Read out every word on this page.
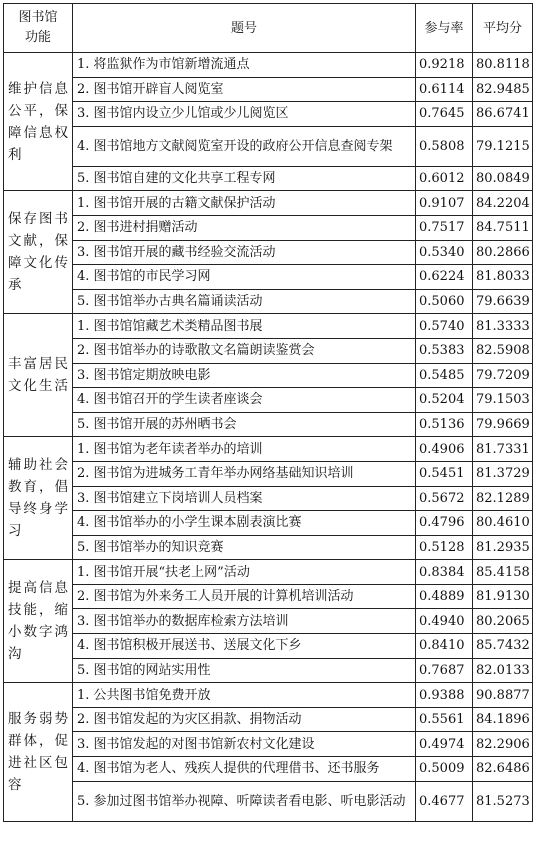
图书馆
功能	题号	参与率	平均分
维护信息公平，保障信息权利	1. 将监狱作为市馆新增流通点	0.9218	80.8118
	2. 图书馆开辟盲人阅览室	0.6114	82.9485
	3. 图书馆内设立少儿馆或少儿阅览区	0.7645	86.6741
	4. 图书馆地方文献阅览室开设的政府公开信息查阅专架	0.5808	79.1215
	5. 图书馆自建的文化共享工程专网	0.6012	80.0849
保存图书文献，保障文化传承	1. 图书馆开展的古籍文献保护活动	0.9107	84.2204
	2. 图书进村捐赠活动	0.7517	84.7511
	3. 图书馆开展的藏书经验交流活动	0.5340	80.2866
	4. 图书馆的市民学习网	0.6224	81.8033
	5. 图书馆举办古典名篇诵读活动	0.5060	79.6639
丰富居民文化生活	1. 图书馆馆藏艺术类精品图书展	0.5740	81.3333
	2. 图书馆举办的诗歌散文名篇朗读鉴赏会	0.5383	82.5908
	3. 图书馆定期放映电影	0.5485	79.7209
	4. 图书馆召开的学生读者座谈会	0.5204	79.1503
	5. 图书馆开展的苏州晒书会	0.5136	79.9669
辅助社会教育，倡导终身学习	1. 图书馆为老年读者举办的培训	0.4906	81.7331
	2. 图书馆为进城务工青年举办网络基础知识培训	0.5451	81.3729
	3. 图书馆建立下岗培训人员档案	0.5672	82.1289
	4. 图书馆举办的小学生课本剧表演比赛	0.4796	80.4610
	5. 图书馆举办的知识竞赛	0.5128	81.2935
提高信息技能，缩小数字鸿沟	1. 图书馆开展“扶老上网”活动	0.8384	85.4158
	2. 图书馆为外来务工人员开展的计算机培训活动	0.4889	81.9130
	3. 图书馆举办的数据库检索方法培训	0.4940	80.2065
	4. 图书馆积极开展送书、送展文化下乡	0.8410	85.7432
	5. 图书馆的网站实用性	0.7687	82.0133
服务弱势群体，促进社区包容	1. 公共图书馆免费开放	0.9388	90.8877
	2. 图书馆发起的为灾区捐款、捐物活动	0.5561	84.1896
	3. 图书馆发起的对图书馆新农村文化建设	0.4974	82.2906
	4. 图书馆为老人、残疾人提供的代理借书、还书服务	0.5009	82.6486
	5. 参加过图书馆举办视障、听障读者看电影、听电影活动	0.4677	81.5273
